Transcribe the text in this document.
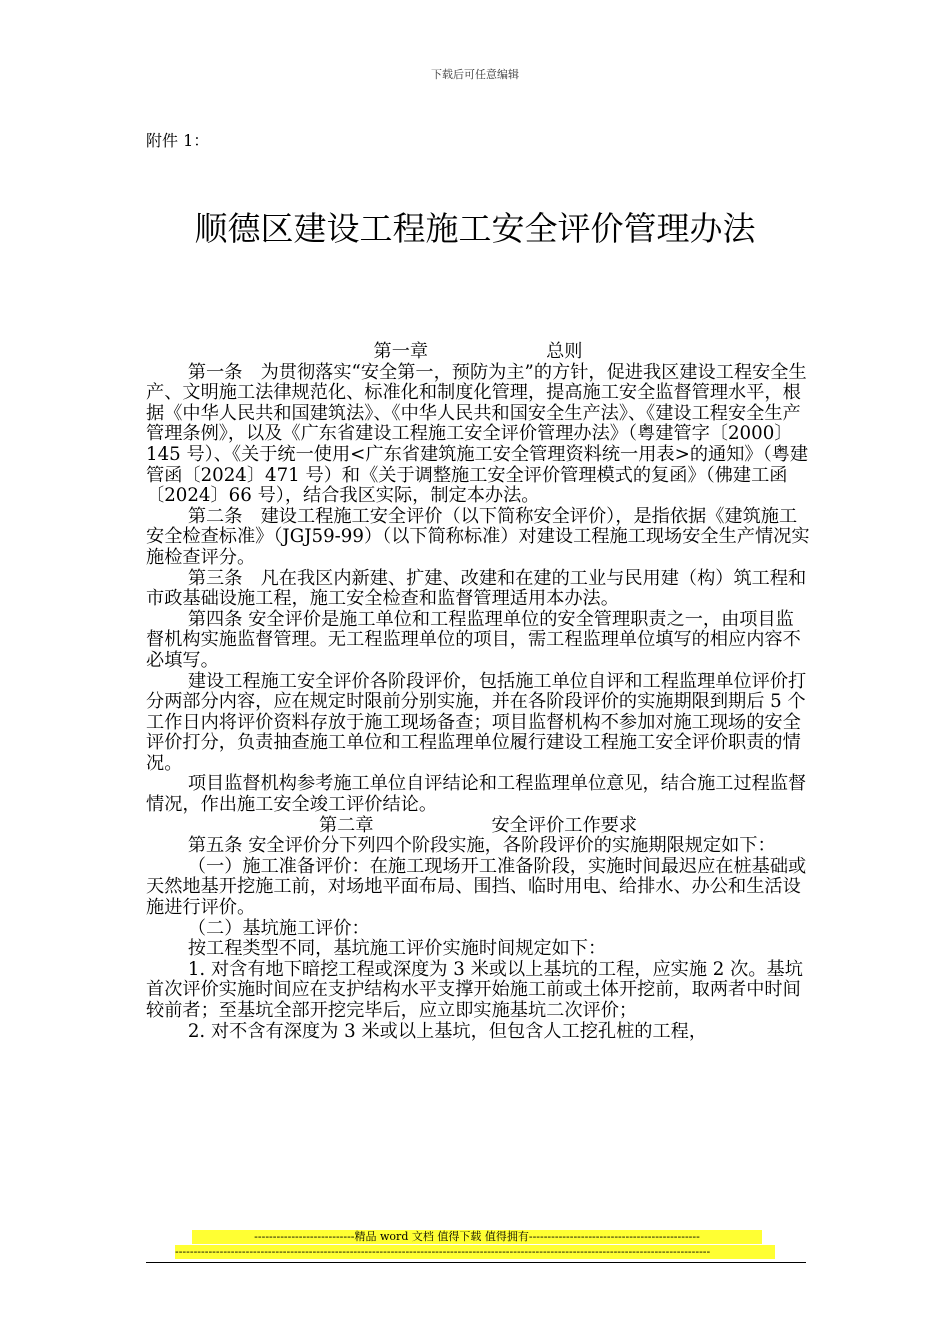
下载后可任意编辑
附件 1：
顺德区建设工程施工安全评价管理办法

第一章	总则

第一条　为贯彻落实“安全第一，预防为主”的方针，促进我区建设工程安全生产、文明施工法律规范化、标准化和制度化管理，提高施工安全监督管理水平，根据《中华人民共和国建筑法》、《中华人民共和国安全生产法》、《建设工程安全生产管理条例》，以及《广东省建设工程施工安全评价管理办法》（粤建管字〔2000〕145 号）、《关于统一使用<广东省建筑施工安全管理资料统一用表>的通知》（粤建管函〔2024〕471 号）和《关于调整施工安全评价管理模式的复函》（佛建工函〔2024〕66 号），结合我区实际，制定本办法。

第二条　建设工程施工安全评价（以下简称安全评价），是指依据《建筑施工安全检查标准》（JGJ59-99）（以下简称标准）对建设工程施工现场安全生产情况实施检查评分。

第三条　凡在我区内新建、扩建、改建和在建的工业与民用建（构）筑工程和市政基础设施工程，施工安全检查和监督管理适用本办法。

第四条 安全评价是施工单位和工程监理单位的安全管理职责之一，由项目监督机构实施监督管理。无工程监理单位的项目，需工程监理单位填写的相应内容不必填写。

建设工程施工安全评价各阶段评价，包括施工单位自评和工程监理单位评价打分两部分内容，应在规定时限前分别实施，并在各阶段评价的实施期限到期后 5 个工作日内将评价资料存放于施工现场备查；项目监督机构不参加对施工现场的安全评价打分，负责抽查施工单位和工程监理单位履行建设工程施工安全评价职责的情况。

项目监督机构参考施工单位自评结论和工程监理单位意见，结合施工过程监督情况，作出施工安全竣工评价结论。

第二章	安全评价工作要求

第五条 安全评价分下列四个阶段实施，各阶段评价的实施期限规定如下：

（一）施工准备评价：在施工现场开工准备阶段，实施时间最迟应在桩基础或天然地基开挖施工前，对场地平面布局、围挡、临时用电、给排水、办公和生活设施进行评价。

（二）基坑施工评价：

按工程类型不同，基坑施工评价实施时间规定如下：

1. 对含有地下暗挖工程或深度为 3 米或以上基坑的工程，应实施 2 次。基坑首次评价实施时间应在支护结构水平支撑开始施工前或土体开挖前，取两者中时间较前者；至基坑全部开挖完毕后，应立即实施基坑二次评价；

2. 对不含有深度为 3 米或以上基坑，但包含人工挖孔桩的工程，

---------------------------精品 word 文档 值得下载 值得拥有----------------------------------------------
------------------------------------------------------------------------------------------------------------------------------------------------
